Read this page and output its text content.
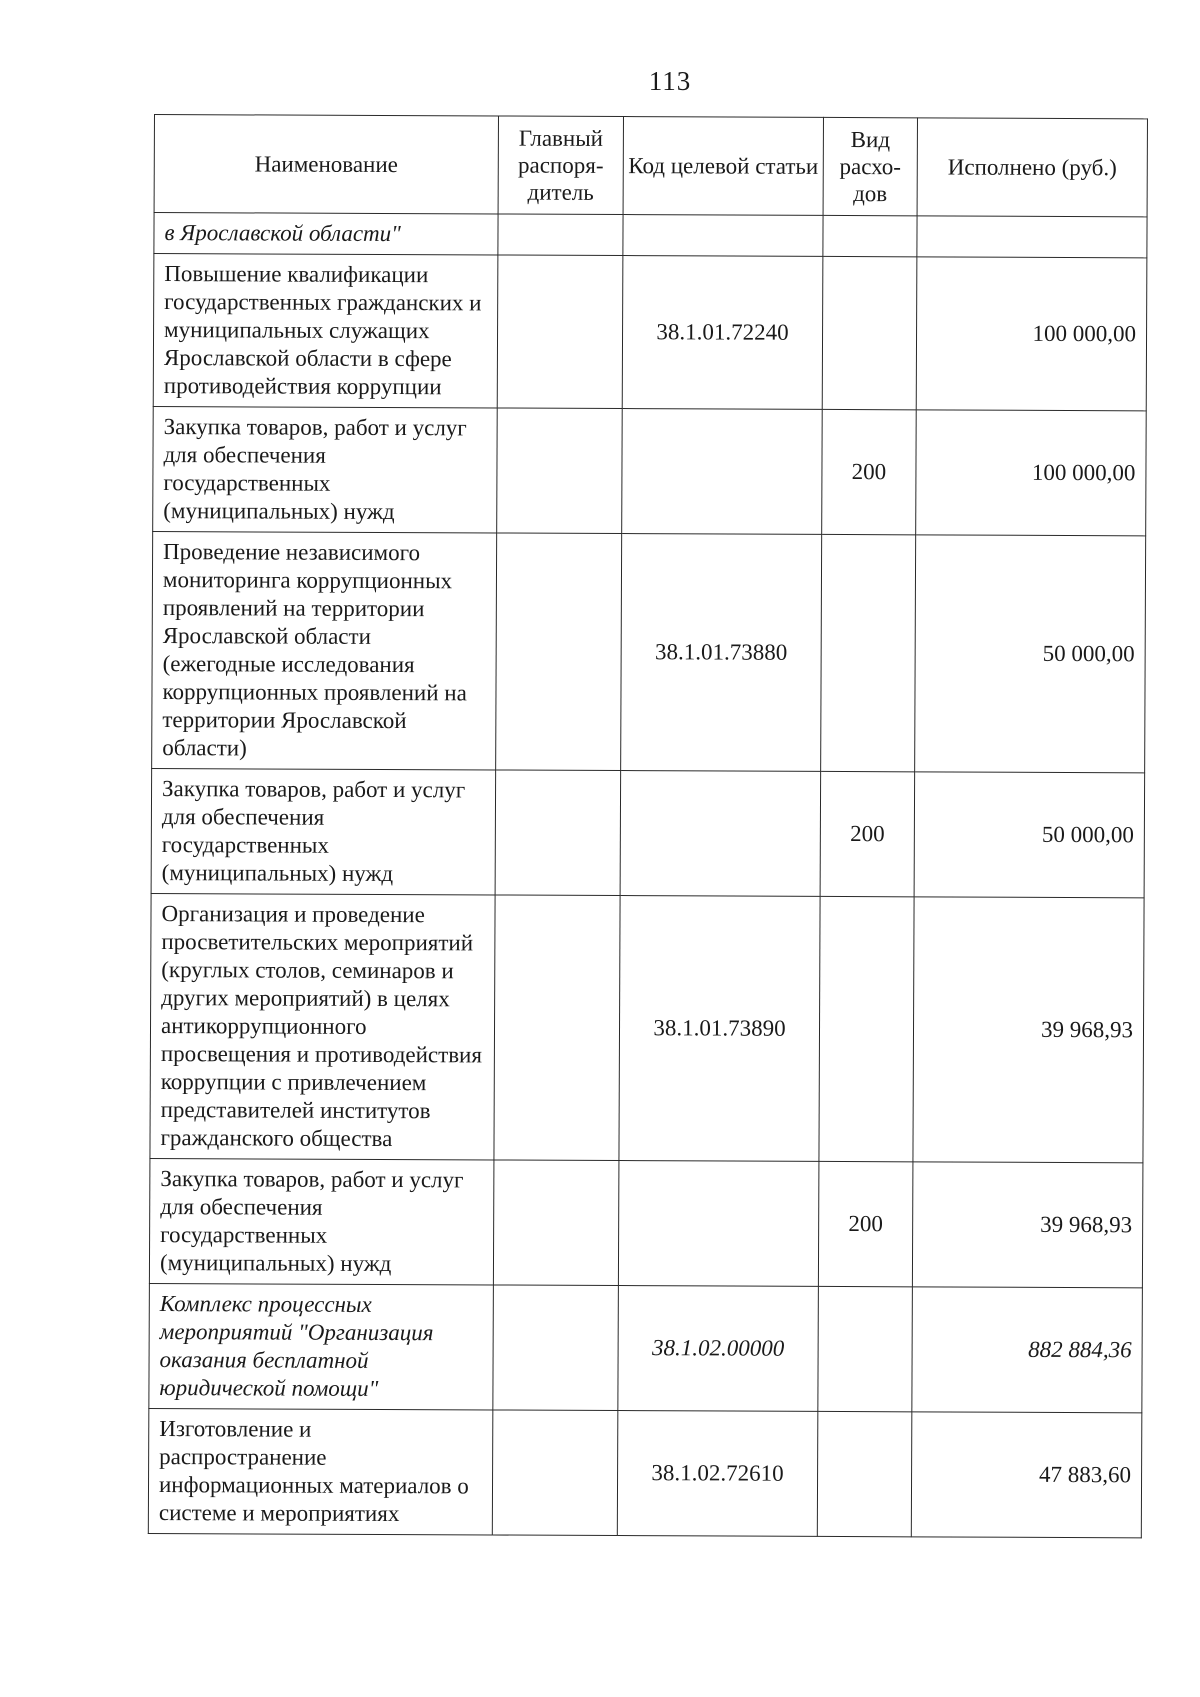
113
Наименование	Главный распоря-дитель	Код целевой статьи	Вид расхо-дов	Исполнено (руб.)
в Ярославской области"				
Повышение квалификации государственных гражданских и муниципальных служащих Ярославской области в сфере противодействия коррупции		38.1.01.72240		100 000,00
Закупка товаров, работ и услуг для обеспечения государственных (муниципальных) нужд			200	100 000,00
Проведение независимого мониторинга коррупционных проявлений на территории Ярославской области (ежегодные исследования коррупционных проявлений на территории Ярославской области)		38.1.01.73880		50 000,00
Закупка товаров, работ и услуг для обеспечения государственных (муниципальных) нужд			200	50 000,00
Организация и проведение просветительских мероприятий (круглых столов, семинаров и других мероприятий) в целях антикоррупционного просвещения и противодействия коррупции с привлечением представителей институтов гражданского общества		38.1.01.73890		39 968,93
Закупка товаров, работ и услуг для обеспечения государственных (муниципальных) нужд			200	39 968,93
Комплекс процессных мероприятий "Организация оказания бесплатной юридической помощи"		38.1.02.00000		882 884,36
Изготовление и распространение информационных материалов о системе и мероприятиях		38.1.02.72610		47 883,60
